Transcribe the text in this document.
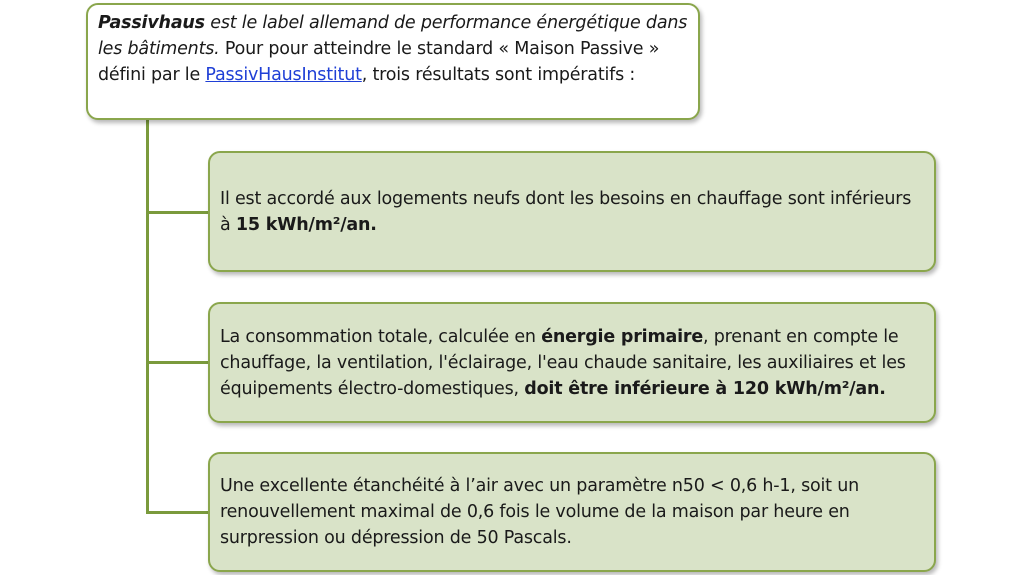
Passivhaus est le label allemand de performance énergétique dans les bâtiments. Pour pour atteindre le standard « Maison Passive » défini par le PassivHausInstitut, trois résultats sont impératifs :

Il est accordé aux logements neufs dont les besoins en chauffage sont inférieurs à 15 kWh/m²/an.

La consommation totale, calculée en énergie primaire, prenant en compte le chauffage, la ventilation, l'éclairage, l'eau chaude sanitaire, les auxiliaires et les équipements électro-domestiques, doit être inférieure à 120 kWh/m²/an.

Une excellente étanchéité à l’air avec un paramètre n50 < 0,6 h-1, soit un renouvellement maximal de 0,6 fois le volume de la maison par heure en surpression ou dépression de 50 Pascals.
